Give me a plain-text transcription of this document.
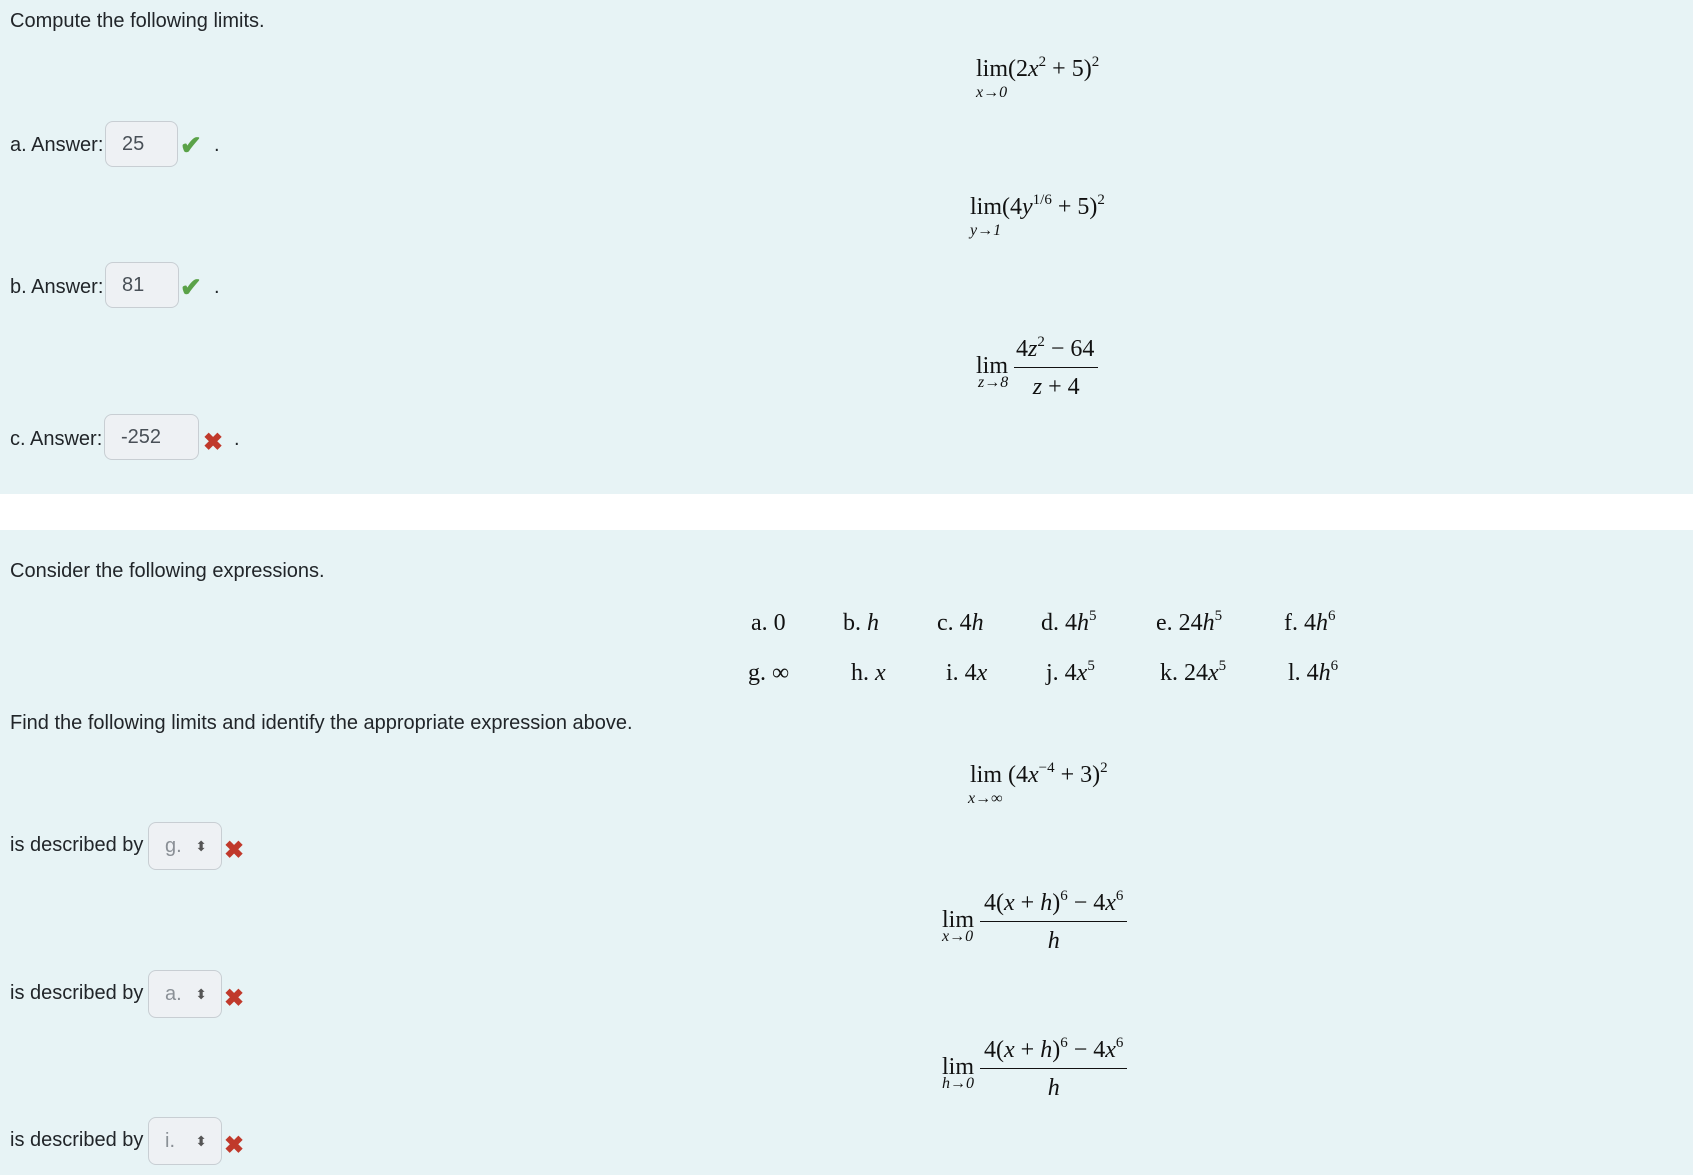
Compute the following limits.
$\lim(2x^2 + 5)^2$
x→0
a. Answer: 25	✔ .
$\lim(4y^{1/6} + 5)^2$
y→1
b. Answer: 81	✔ .
$\lim \frac{4z^2 - 64}{z + 4}$
z→8
c. Answer: -252	✖ .
Consider the following expressions.
a. 0 b. h c. 4h d. $4h^5$ e. $24h^5$	f. $4h^6$
g. ∞	h. x	i. 4x j. $4x^5$	k. $24x^5$	l. $4h^6$
Find the following limits and identify the appropriate expression above.
$\lim (4x^{-4} + 3)^2$
x→∞
is described by	g. ⬍ ✖
$\lim \frac{4(x + h)^6 - 4x^6}{h}$
x→0
is described by	a. ⬍ ✖
$\lim \frac{4(x + h)^6 - 4x^6}{h}$
h→0
is described by	i. ⬍ ✖
